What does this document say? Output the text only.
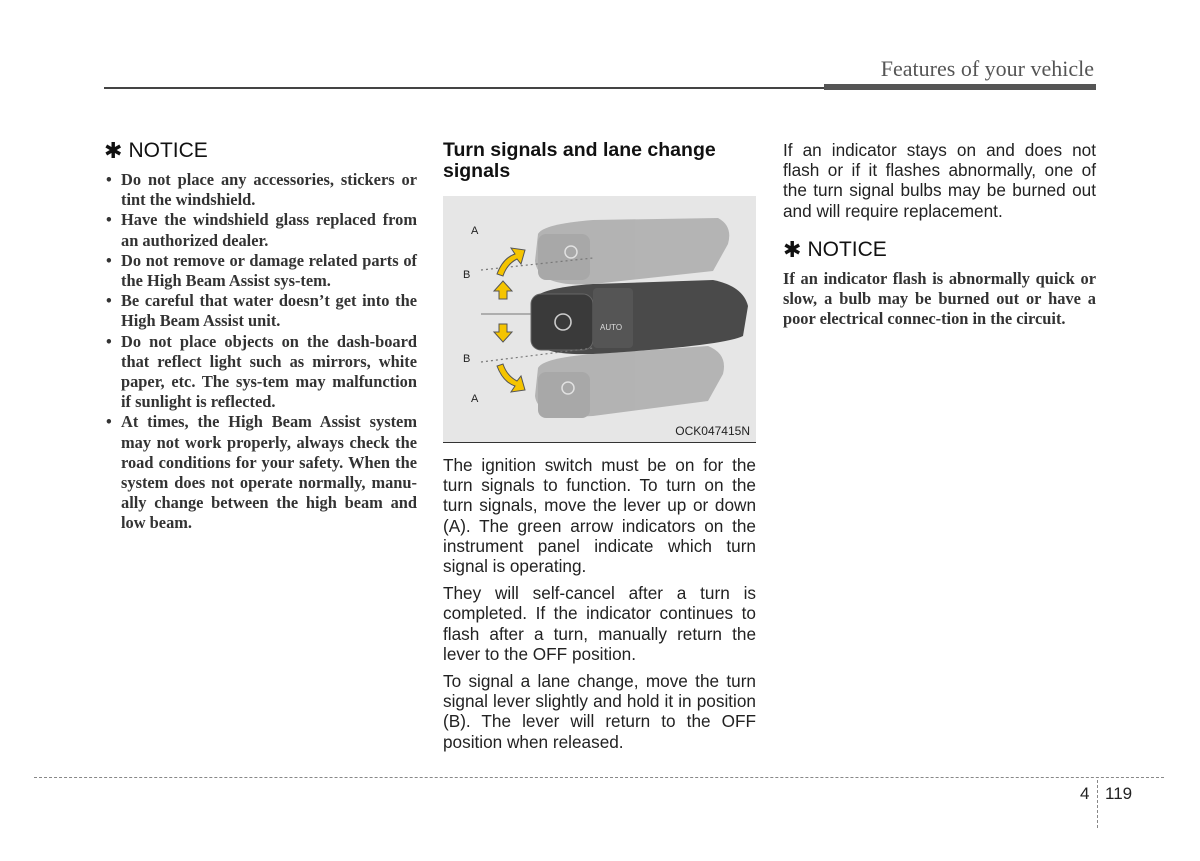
Features of your vehicle
✱ NOTICE
• Do not place any accessories, stickers or tint the windshield.
• Have the windshield glass replaced from an authorized dealer.
• Do not remove or damage related parts of the High Beam Assist sys-tem.
• Be careful that water doesn’t get into the High Beam Assist unit.
• Do not place objects on the dash-board that reflect light such as mirrors, white paper, etc. The sys-tem may malfunction if sunlight is reflected.
• At times, the High Beam Assist system may not work properly, always check the road conditions for your safety. When the system does not operate normally, manu-ally change between the high beam and low beam.
Turn signals and lane change signals
AUTO
A
B
B
A
OCK047415N

The ignition switch must be on for the turn signals to function. To turn on the turn signals, move the lever up or down (A). The green arrow indicators on the instrument panel indicate which turn signal is operating.

They will self-cancel after a turn is completed. If the indicator continues to flash after a turn, manually return the lever to the OFF position.

To signal a lane change, move the turn signal lever slightly and hold it in position (B). The lever will return to the OFF position when released.

If an indicator stays on and does not flash or if it flashes abnormally, one of the turn signal bulbs may be burned out and will require replacement.

✱ NOTICE

If an indicator flash is abnormally quick or slow, a bulb may be burned out or have a poor electrical connec-tion in the circuit.

4 119
